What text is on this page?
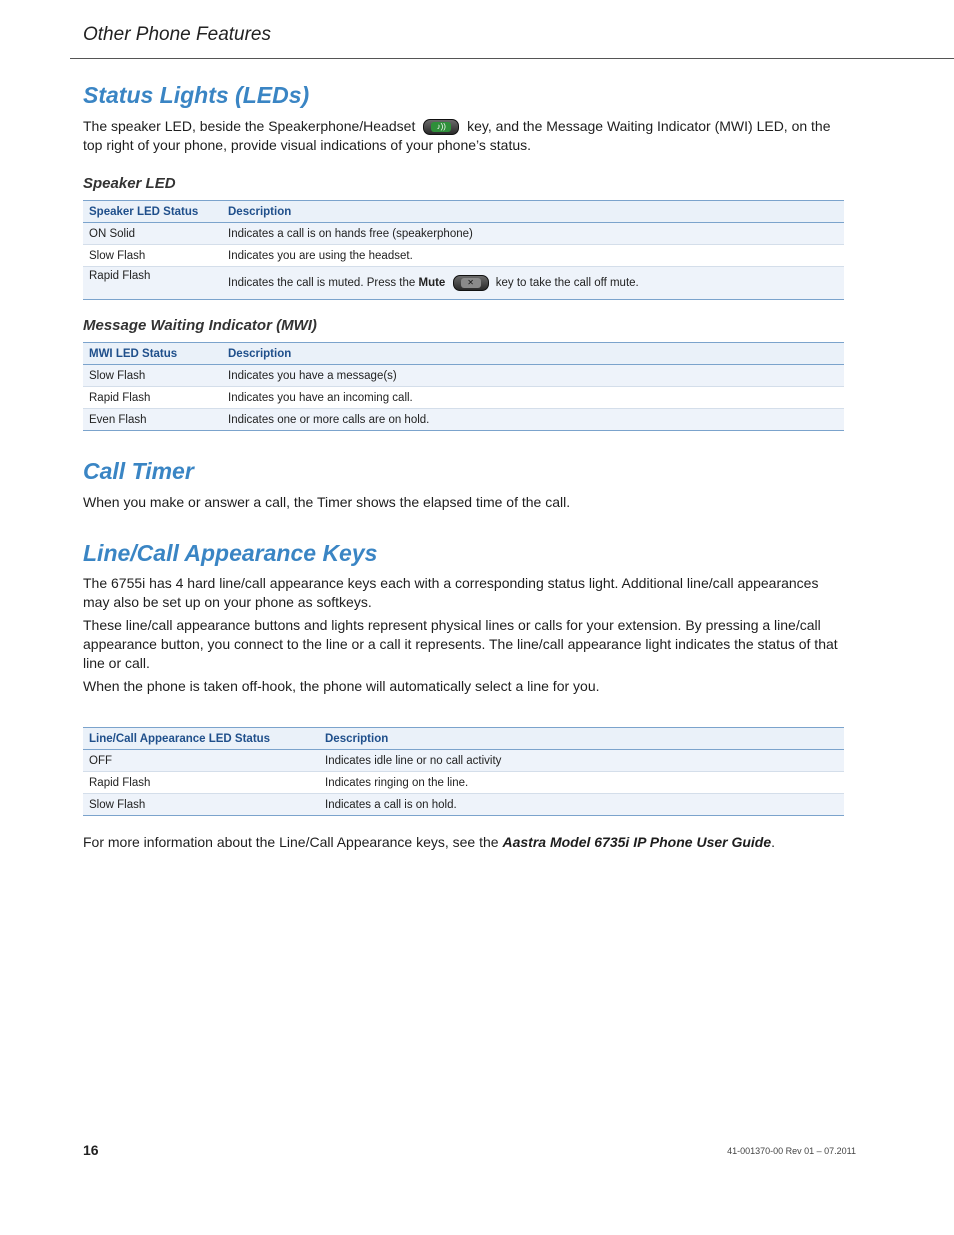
Other Phone Features
Status Lights (LEDs)

The speaker LED, beside the Speakerphone/Headset	♪))	key, and the Message Waiting Indicator (MWI) LED, on the top right of your phone, provide visual indications of your phone’s status.

Speaker LED
Speaker LED Status	Description
ON Solid	Indicates a call is on hands free (speakerphone)
Slow Flash	Indicates you are using the headset.
Rapid Flash	Indicates the call is muted. Press the Mute ✕ key to take the call off mute.
Message Waiting Indicator (MWI)
MWI LED Status	Description
Slow Flash	Indicates you have a message(s)
Rapid Flash	Indicates you have an incoming call.
Even Flash	Indicates one or more calls are on hold.
Call Timer

When you make or answer a call, the Timer shows the elapsed time of the call.

Line/Call Appearance Keys

The 6755i has 4 hard line/call appearance keys each with a corresponding status light. Additional line/call appearances may also be set up on your phone as softkeys.

These line/call appearance buttons and lights represent physical lines or calls for your extension. By pressing a line/call appearance button, you connect to the line or a call it represents. The line/call appearance light indicates the status of that line or call.

When the phone is taken off-hook, the phone will automatically select a line for you.

Line/Call Appearance LED Status	Description
OFF	Indicates idle line or no call activity
Rapid Flash	Indicates ringing on the line.
Slow Flash	Indicates a call is on hold.

For more information about the Line/Call Appearance keys, see the Aastra Model 6735i IP Phone User Guide.

16	41-001370-00 Rev 01 – 07.2011
